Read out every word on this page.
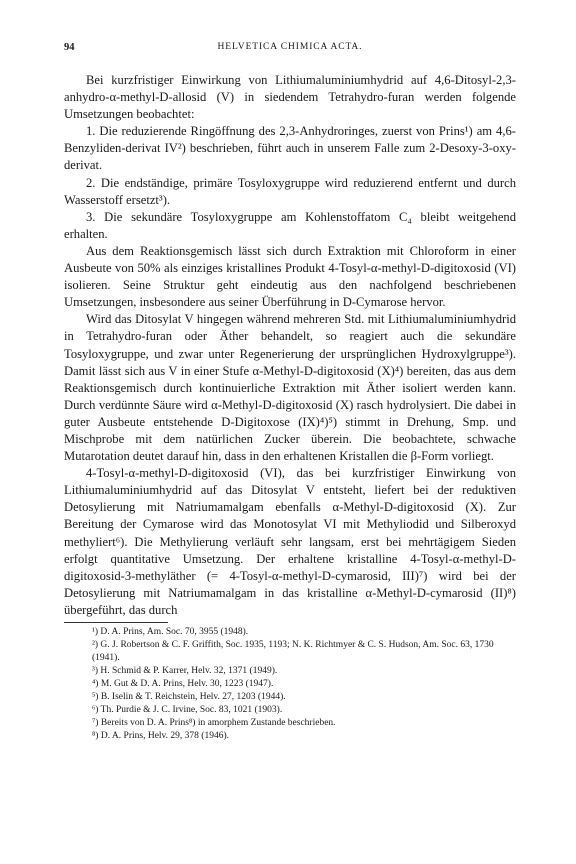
94	HELVETICA CHIMICA ACTA.

Bei kurzfristiger Einwirkung von Lithiumaluminiumhydrid auf 4,6-Ditosyl-2,3-anhydro-α-methyl-D-allosid (V) in siedendem Tetrahydro-furan werden folgende Umsetzungen beobachtet:

1. Die reduzierende Ringöffnung des 2,3-Anhydroringes, zuerst von Prins¹) am 4,6-Benzyliden-derivat IV²) beschrieben, führt auch in unserem Falle zum 2-Desoxy-3-oxy-derivat.

2. Die endständige, primäre Tosyloxygruppe wird reduzierend entfernt und durch Wasserstoff ersetzt³).

3. Die sekundäre Tosyloxygruppe am Kohlenstoffatom C₄ bleibt weitgehend erhalten.

Aus dem Reaktionsgemisch lässt sich durch Extraktion mit Chloroform in einer Ausbeute von 50% als einziges kristallines Produkt 4-Tosyl-α-methyl-D-digitoxosid (VI) isolieren. Seine Struktur geht eindeutig aus den nachfolgend beschriebenen Umsetzungen, insbesondere aus seiner Überführung in D-Cymarose hervor.

Wird das Ditosylat V hingegen während mehreren Std. mit Lithiumaluminiumhydrid in Tetrahydro-furan oder Äther behandelt, so reagiert auch die sekundäre Tosyloxygruppe, und zwar unter Regenerierung der ursprünglichen Hydroxylgruppe³). Damit lässt sich aus V in einer Stufe α-Methyl-D-digitoxosid (X)⁴) bereiten, das aus dem Reaktionsgemisch durch kontinuierliche Extraktion mit Äther isoliert werden kann. Durch verdünnte Säure wird α-Methyl-D-digitoxosid (X) rasch hydrolysiert. Die dabei in guter Ausbeute entstehende D-Digitoxose (IX)⁴)⁵) stimmt in Drehung, Smp. und Mischprobe mit dem natürlichen Zucker überein. Die beobachtete, schwache Mutarotation deutet darauf hin, dass in den erhaltenen Kristallen die β-Form vorliegt.

4-Tosyl-α-methyl-D-digitoxosid (VI), das bei kurzfristiger Einwirkung von Lithiumaluminiumhydrid auf das Ditosylat V entsteht, liefert bei der reduktiven Detosylierung mit Natriumamalgam ebenfalls α-Methyl-D-digitoxosid (X). Zur Bereitung der Cymarose wird das Monotosylat VI mit Methyliodid und Silberoxyd methyliert⁶). Die Methylierung verläuft sehr langsam, erst bei mehrtägigem Sieden erfolgt quantitative Umsetzung. Der erhaltene kristalline 4-Tosyl-α-methyl-D-digitoxosid-3-methyläther (= 4-Tosyl-α-methyl-D-cymarosid, III)⁷) wird bei der Detosylierung mit Natriumamalgam in das kristalline α-Methyl-D-cymarosid (II)⁸) übergeführt, das durch

¹) D. A. Prins, Am. Soc. 70, 3955 (1948).

²) G. J. Robertson & C. F. Griffith, Soc. 1935, 1193; N. K. Richtmyer & C. S. Hudson, Am. Soc. 63, 1730 (1941).

³) H. Schmid & P. Karrer, Helv. 32, 1371 (1949).

⁴) M. Gut & D. A. Prins, Helv. 30, 1223 (1947).

⁵) B. Iselin & T. Reichstein, Helv. 27, 1203 (1944).

⁶) Th. Purdie & J. C. Irvine, Soc. 83, 1021 (1903).

⁷) Bereits von D. A. Prins⁸) in amorphem Zustande beschrieben.

⁸) D. A. Prins, Helv. 29, 378 (1946).
